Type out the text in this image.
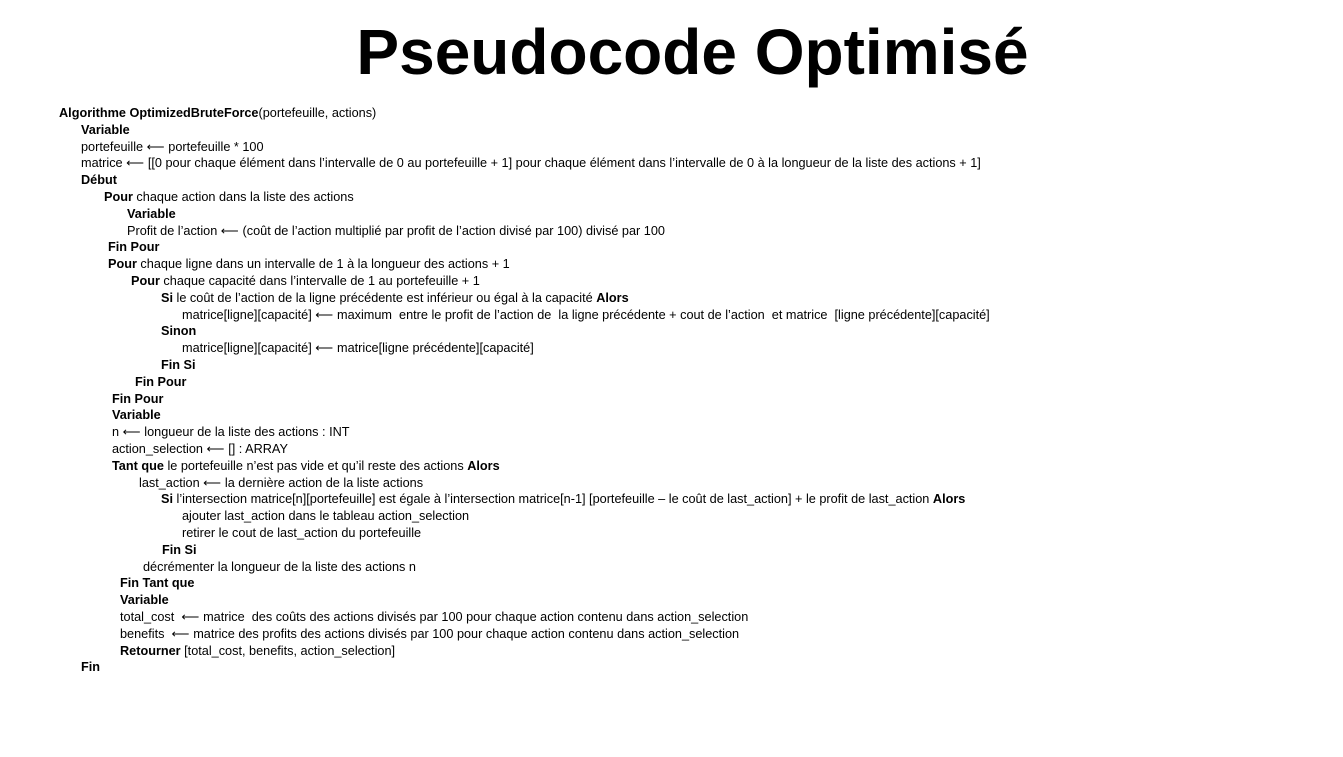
Pseudocode Optimisé
Algorithme OptimizedBruteForce(portefeuille, actions)
Variable
portefeuille ⟵ portefeuille * 100
matrice ⟵ [[0 pour chaque élément dans l’intervalle de 0 au portefeuille + 1] pour chaque élément dans l’intervalle de 0 à la longueur de la liste des actions + 1]
Début
Pour chaque action dans la liste des actions
Variable
Profit de l’action ⟵ (coût de l’action multiplié par profit de l’action divisé par 100) divisé par 100
Fin Pour
Pour chaque ligne dans un intervalle de 1 à la longueur des actions + 1
Pour chaque capacité dans l’intervalle de 1 au portefeuille + 1
Si le coût de l’action de la ligne précédente est inférieur ou égal à la capacité Alors
matrice[ligne][capacité] ⟵ maximum  entre le profit de l’action de  la ligne précédente + cout de l’action  et matrice  [ligne précédente][capacité]
Sinon
matrice[ligne][capacité] ⟵ matrice[ligne précédente][capacité]
Fin Si
Fin Pour
Fin Pour
Variable
n ⟵ longueur de la liste des actions : INT
action_selection ⟵ [] : ARRAY
Tant que le portefeuille n’est pas vide et qu’il reste des actions Alors
last_action ⟵ la dernière action de la liste actions
Si l’intersection matrice[n][portefeuille] est égale à l’intersection matrice[n-1] [portefeuille – le coût de last_action] + le profit de last_action Alors
ajouter last_action dans le tableau action_selection
retirer le cout de last_action du portefeuille
Fin Si
décrémenter la longueur de la liste des actions n
Fin Tant que
Variable
total_cost  ⟵ matrice  des coûts des actions divisés par 100 pour chaque action contenu dans action_selection
benefits  ⟵ matrice des profits des actions divisés par 100 pour chaque action contenu dans action_selection
Retourner [total_cost, benefits, action_selection]
Fin
